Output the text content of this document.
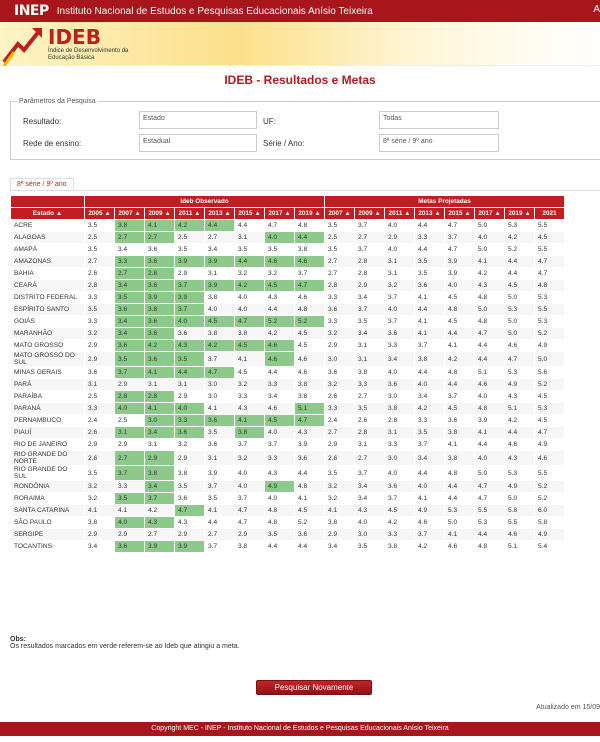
INEP Instituto Nacional de Estudos e Pesquisas Educacionais Anísio Teixeira	A
IDEB
Índice de Desenvolvimento da Educação Básica
IDEB - Resultados e Metas
Parâmetros da Pesquisa
Resultado:	Estado	UF:	Todas
Rede de ensino:	Estadual	Série / Ano:	8ª série / 9º ano
8ª série / 9º ano
	Ideb Observado								Metas Projetadas							
Estado ▲	2005 ▲	2007 ▲	2009 ▲	2011 ▲	2013 ▲	2015 ▲	2017 ▲	2019 ▲	2007 ▲	2009 ▲	2011 ▲	2013 ▲	2015 ▲	2017 ▲	2019 ▲	2021
ACRE	3.5	3.8	4.1	4.2	4.4	4.4	4.7	4.8	3.5	3.7	4.0	4.4	4.7	5.0	5.3	5.5
ALAGOAS	2.5	2.7	2.7	2.5	2.7	3.1	4.0	4.4	2.5	2.7	2.9	3.3	3.7	4.0	4.2	4.5
AMAPÁ	3.5	3.4	3.6	3.5	3.4	3.5	3.5	3.8	3.5	3.7	4.0	4.4	4.7	5.0	5.2	5.5
AMAZONAS	2.7	3.3	3.6	3.9	3.9	4.4	4.6	4.6	2.7	2.8	3.1	3.5	3.9	4.1	4.4	4.7
BAHIA	2.6	2.7	2.8	2.9	3.1	3.2	3.2	3.7	2.7	2.8	3.1	3.5	3.9	4.2	4.4	4.7
CEARÁ	2.8	3.4	3.6	3.7	3.9	4.2	4.5	4.7	2.8	2.9	3.2	3.6	4.0	4.3	4.5	4.8
DISTRITO FEDERAL	3.3	3.5	3.9	3.9	3.8	4.0	4.3	4.6	3.3	3.4	3.7	4.1	4.5	4.8	5.0	5.3
ESPÍRITO SANTO	3.5	3.6	3.8	3.7	4.0	4.0	4.4	4.8	3.6	3.7	4.0	4.4	4.8	5.0	5.3	5.5
GOIÁS	3.3	3.4	3.6	4.0	4.5	4.7	5.2	5.2	3.3	3.5	3.7	4.1	4.5	4.8	5.0	5.3
MARANHÃO	3.2	3.4	3.6	3.6	3.8	3.8	4.2	4.5	3.2	3.4	3.6	4.1	4.4	4.7	5.0	5.2
MATO GROSSO	2.9	3.6	4.2	4.3	4.2	4.5	4.6	4.5	2.9	3.1	3.3	3.7	4.1	4.4	4.6	4.9
MATO GROSSO DO SUL	2.9	3.5	3.6	3.5	3.7	4.1	4.6	4.6	3.0	3.1	3.4	3.8	4.2	4.4	4.7	5.0
MINAS GERAIS	3.6	3.7	4.1	4.4	4.7	4.5	4.4	4.6	3.6	3.8	4.0	4.4	4.8	5.1	5.3	5.6
PARÁ	3.1	2.9	3.1	3.1	3.0	3.2	3.3	3.8	3.2	3.3	3.6	4.0	4.4	4.6	4.9	5.2
PARAÍBA	2.5	2.8	2.8	2.9	3.0	3.3	3.4	3.8	2.6	2.7	3.0	3.4	3.7	4.0	4.3	4.5
PARANÁ	3.3	4.0	4.1	4.0	4.1	4.3	4.6	5.1	3.3	3.5	3.8	4.2	4.5	4.8	5.1	5.3
PERNAMBUCO	2.4	2.5	3.0	3.3	3.6	4.1	4.5	4.7	2.4	2.6	2.8	3.3	3.6	3.9	4.2	4.5
PIAUÍ	2.6	3.1	3.4	3.6	3.5	3.8	4.0	4.3	2.7	2.8	3.1	3.5	3.8	4.1	4.4	4.7
RIO DE JANEIRO	2.9	2.9	3.1	3.2	3.6	3.7	3.7	3.9	2.9	3.1	3.3	3.7	4.1	4.4	4.6	4.9
RIO GRANDE DO NORTE	2.6	2.7	2.9	2.9	3.1	3.2	3.3	3.6	2.6	2.7	3.0	3.4	3.8	4.0	4.3	4.6
RIO GRANDE DO SUL	3.5	3.7	3.8	3.8	3.9	4.0	4.3	4.4	3.5	3.7	4.0	4.4	4.8	5.0	5.3	5.5
RONDÔNIA	3.2	3.3	3.4	3.5	3.7	4.0	4.9	4.8	3.2	3.4	3.6	4.0	4.4	4.7	4.9	5.2
RORAIMA	3.2	3.5	3.7	3.6	3.5	3.7	4.0	4.1	3.2	3.4	3.7	4.1	4.4	4.7	5.0	5.2
SANTA CATARINA	4.1	4.1	4.2	4.7	4.1	4.7	4.8	4.5	4.1	4.3	4.5	4.9	5.3	5.5	5.8	6.0
SÃO PAULO	3.8	4.0	4.3	4.3	4.4	4.7	4.8	5.2	3.8	4.0	4.2	4.6	5.0	5.3	5.5	5.8
SERGIPE	2.9	2.9	2.7	2.9	2.7	2.9	3.5	3.6	2.9	3.0	3.3	3.7	4.1	4.4	4.6	4.9
TOCANTINS	3.4	3.6	3.9	3.9	3.7	3.8	4.4	4.4	3.4	3.5	3.8	4.2	4.6	4.8	5.1	5.4
Obs:
Os resultados marcados em verde referem-se ao Ideb que atingiu a meta.
Pesquisar Novamente
Atualizado em 15/09
Copyright MEC - INEP - Instituto Nacional de Estudos e Pesquisas Educacionais Anísio Teixeira
